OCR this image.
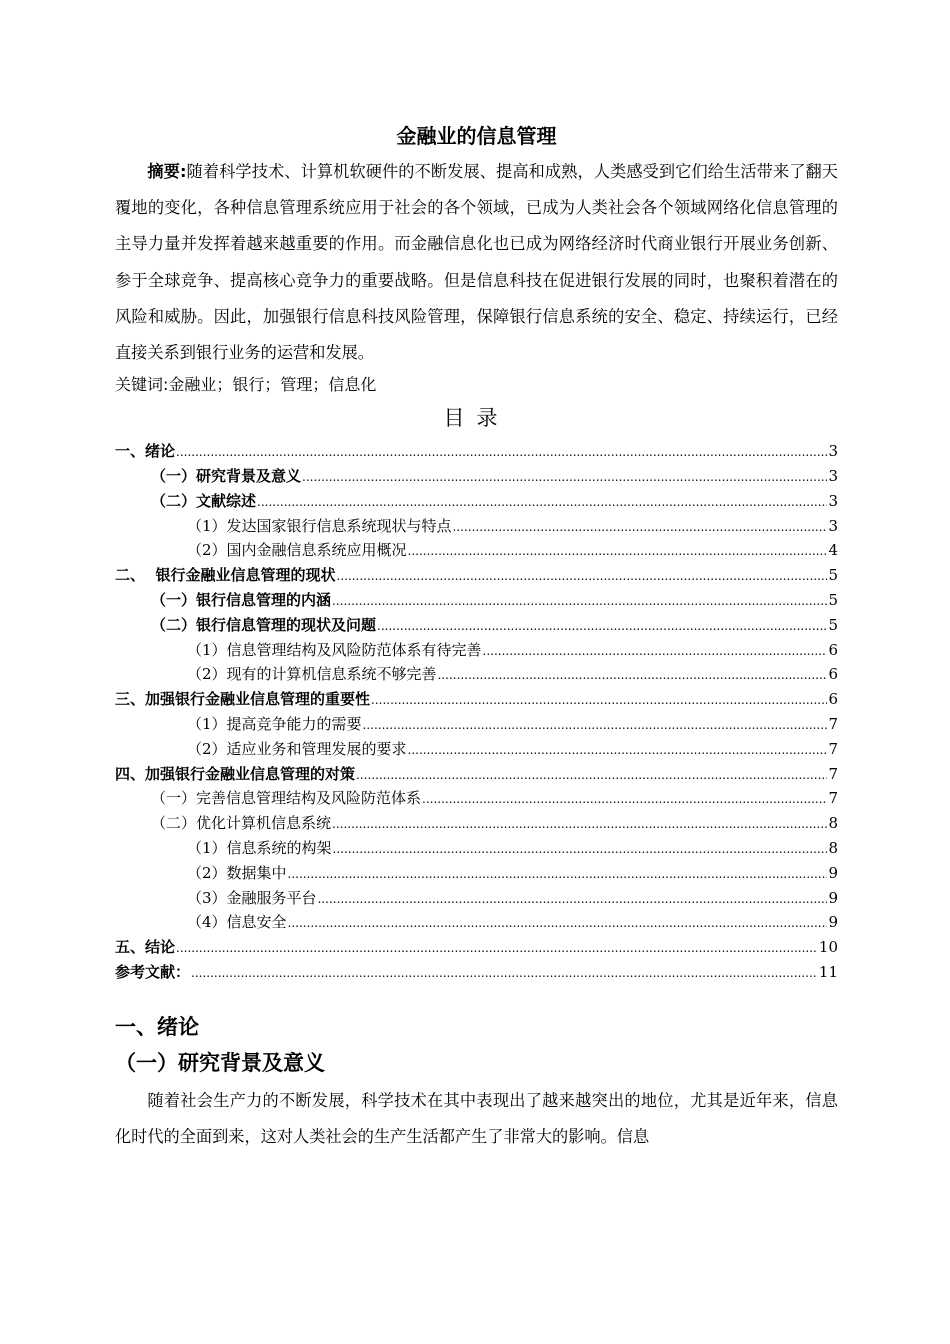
金融业的信息管理

摘要:随着科学技术、计算机软硬件的不断发展、提高和成熟，人类感受到它们给生活带来了翻天覆地的变化，各种信息管理系统应用于社会的各个领域，已成为人类社会各个领域网络化信息管理的主导力量并发挥着越来越重要的作用。而金融信息化也已成为网络经济时代商业银行开展业务创新、参于全球竞争、提高核心竞争力的重要战略。但是信息科技在促进银行发展的同时，也聚积着潜在的风险和威胁。因此，加强银行信息科技风险管理，保障银行信息系统的安全、稳定、持续运行，已经直接关系到银行业务的运营和发展。

关键词:金融业；银行；管理；信息化

目录
一、绪论 .....	3
（一）研究背景及意义 .....	3
（二）文献综述 .....	3
（1）发达国家银行信息系统现状与特点 .....	3
（2）国内金融信息系统应用概况 .....	4
二、  银行金融业信息管理的现状 .....	5
（一）银行信息管理的内涵 .....	5
（二）银行信息管理的现状及问题 .....	5
（1）信息管理结构及风险防范体系有待完善 .....	6
（2）现有的计算机信息系统不够完善 .....	6
三、加强银行金融业信息管理的重要性 .....	6
（1）提高竞争能力的需要 .....	7
（2）适应业务和管理发展的要求 .....	7
四、加强银行金融业信息管理的对策 .....	7
（一）完善信息管理结构及风险防范体系 .....	7
（二）优化计算机信息系统 .....	8
（1）信息系统的构架 .....	8
（2）数据集中 .....	9
（3）金融服务平台 .....	9
（4）信息安全 .....	9
五、结论 .....	10
参考文献： .....	11
一、绪论
（一）研究背景及意义

随着社会生产力的不断发展，科学技术在其中表现出了越来越突出的地位，尤其是近年来，信息化时代的全面到来，这对人类社会的生产生活都产生了非常大的影响。信息
